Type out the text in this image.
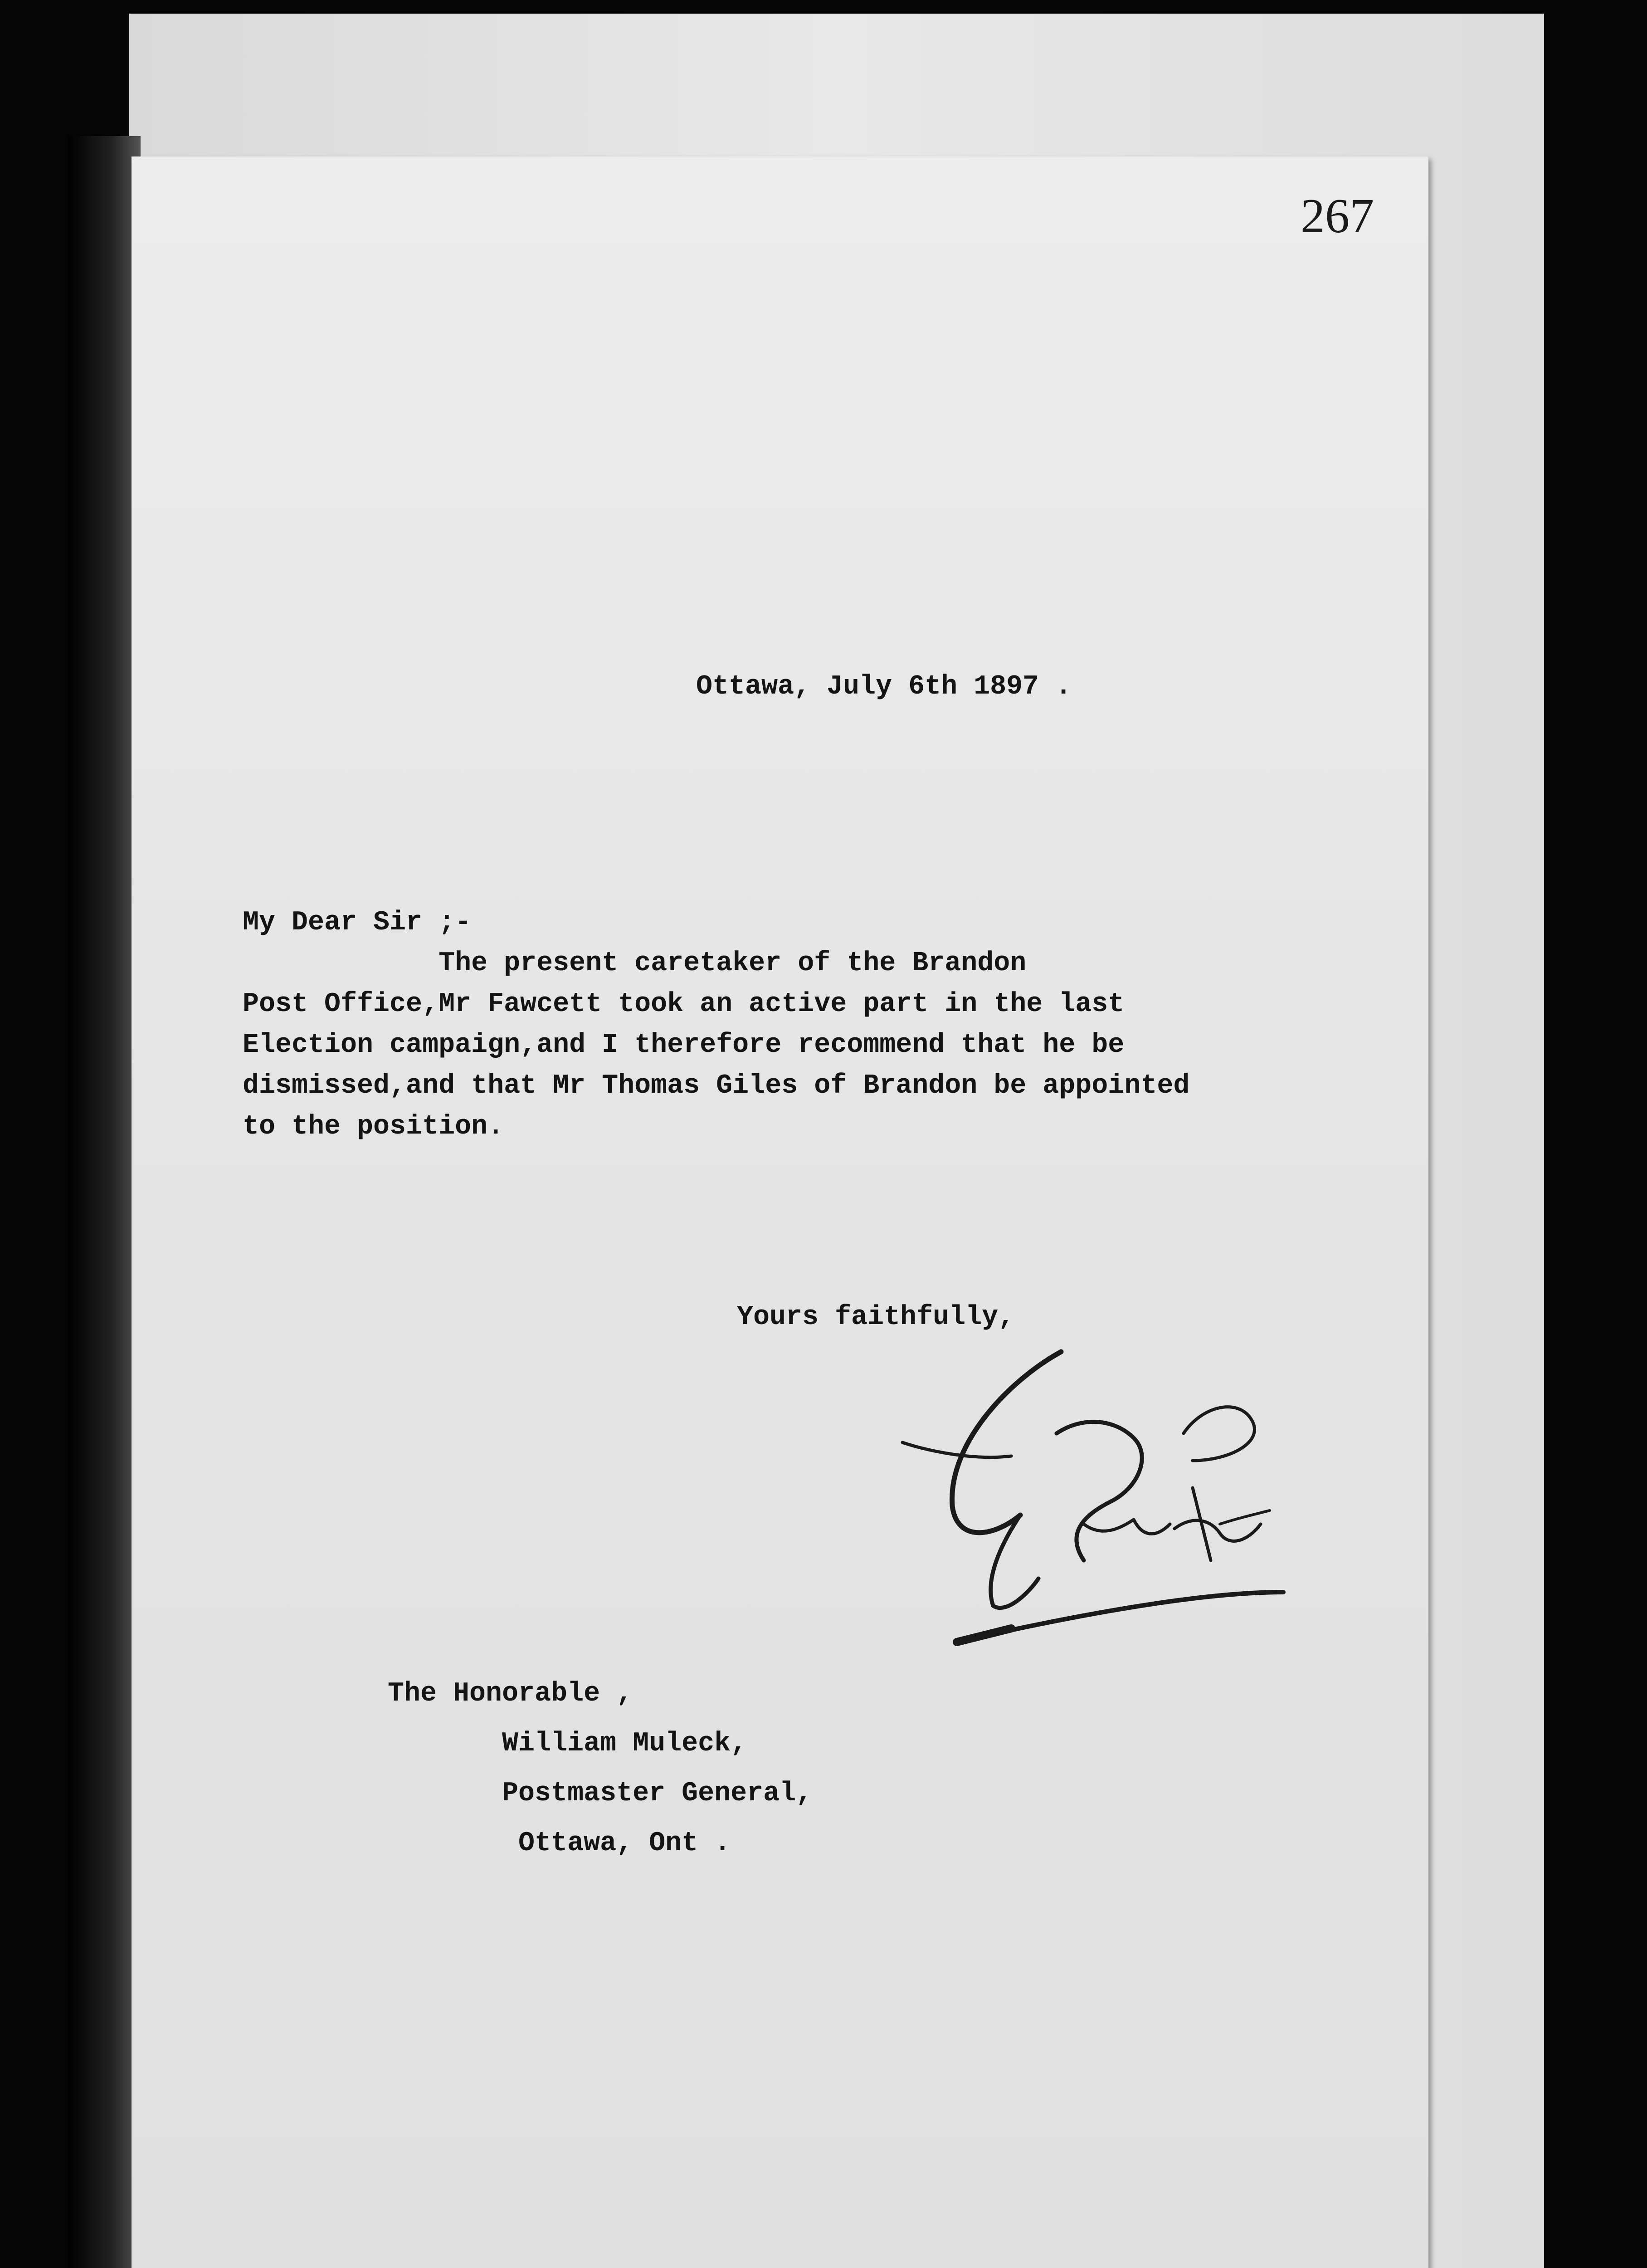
267
Ottawa, July 6th 1897 .
My Dear Sir ;-
The present caretaker of the Brandon
Post Office,Mr Fawcett took an active part in the last
Election campaign,and I therefore recommend that he be
dismissed,and that Mr Thomas Giles of Brandon be appointed
to the position.
Yours faithfully,
The Honorable ,
William Muleck,
Postmaster General,
Ottawa, Ont .
